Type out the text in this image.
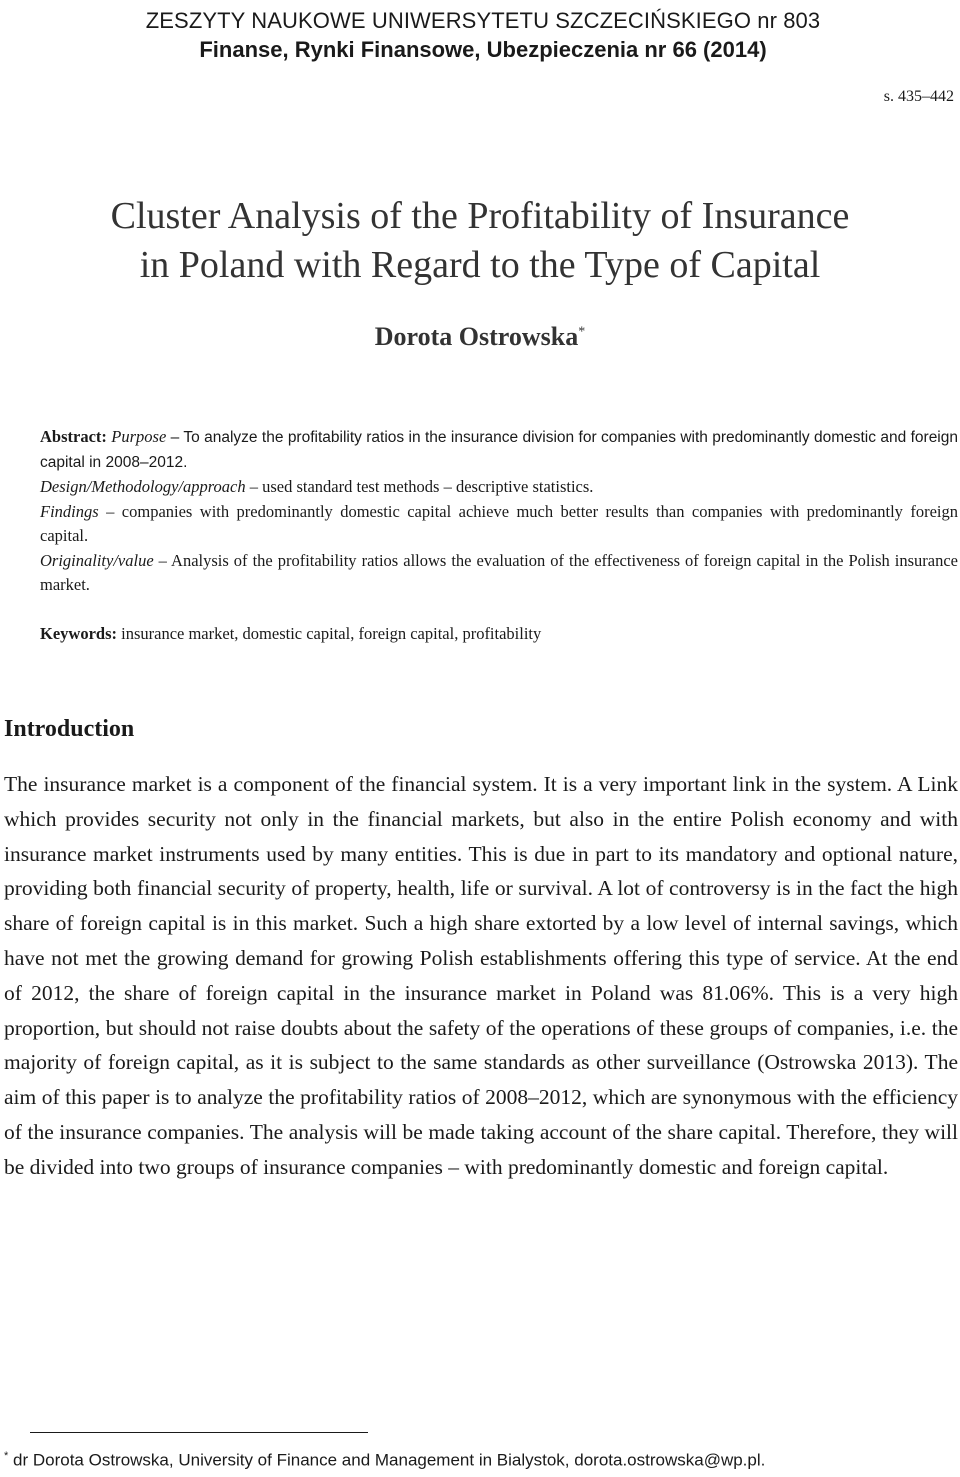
ZESZYTY NAUKOWE UNIWERSYTETU SZCZECIŃSKIEGO nr 803
Finanse, Rynki Finansowe, Ubezpieczenia nr 66 (2014)
s. 435–442
Cluster Analysis of the Profitability of Insurance
in Poland with Regard to the Type of Capital
Dorota Ostrowska*

Abstract: Purpose – To analyze the profitability ratios in the insurance division for companies with predominantly domestic and foreign capital in 2008–2012.

Design/Methodology/approach – used standard test methods – descriptive statistics.

Findings – companies with predominantly domestic capital achieve much better results than companies with predominantly foreign capital.

Originality/value – Analysis of the profitability ratios allows the evaluation of the effectiveness of foreign capital in the Polish insurance market.

Keywords: insurance market, domestic capital, foreign capital, profitability
Introduction

The insurance market is a component of the financial system. It is a very important link in the system. A Link which provides security not only in the financial markets, but also in the entire Polish economy and with insurance market instruments used by many entities. This is due in part to its mandatory and optional nature, providing both financial security of property, health, life or survival. A lot of controversy is in the fact the high share of foreign capital is in this market. Such a high share extorted by a low level of internal savings, which have not met the growing demand for growing Polish establishments offering this type of service. At the end of 2012, the share of foreign capital in the insurance market in Poland was 81.06%. This is a very high proportion, but should not raise doubts about the safety of the operations of these groups of companies, i.e. the majority of foreign capital, as it is subject to the same standards as other surveillance (Ostrowska 2013). The aim of this paper is to analyze the profitability ratios of 2008–2012, which are synonymous with the efficiency of the insurance companies. The analysis will be made taking account of the share capital. Therefore, they will be divided into two groups of insurance companies – with predominantly domestic and foreign capital.

* dr Dorota Ostrowska, University of Finance and Management in Bialystok, dorota.ostrowska@wp.pl.
